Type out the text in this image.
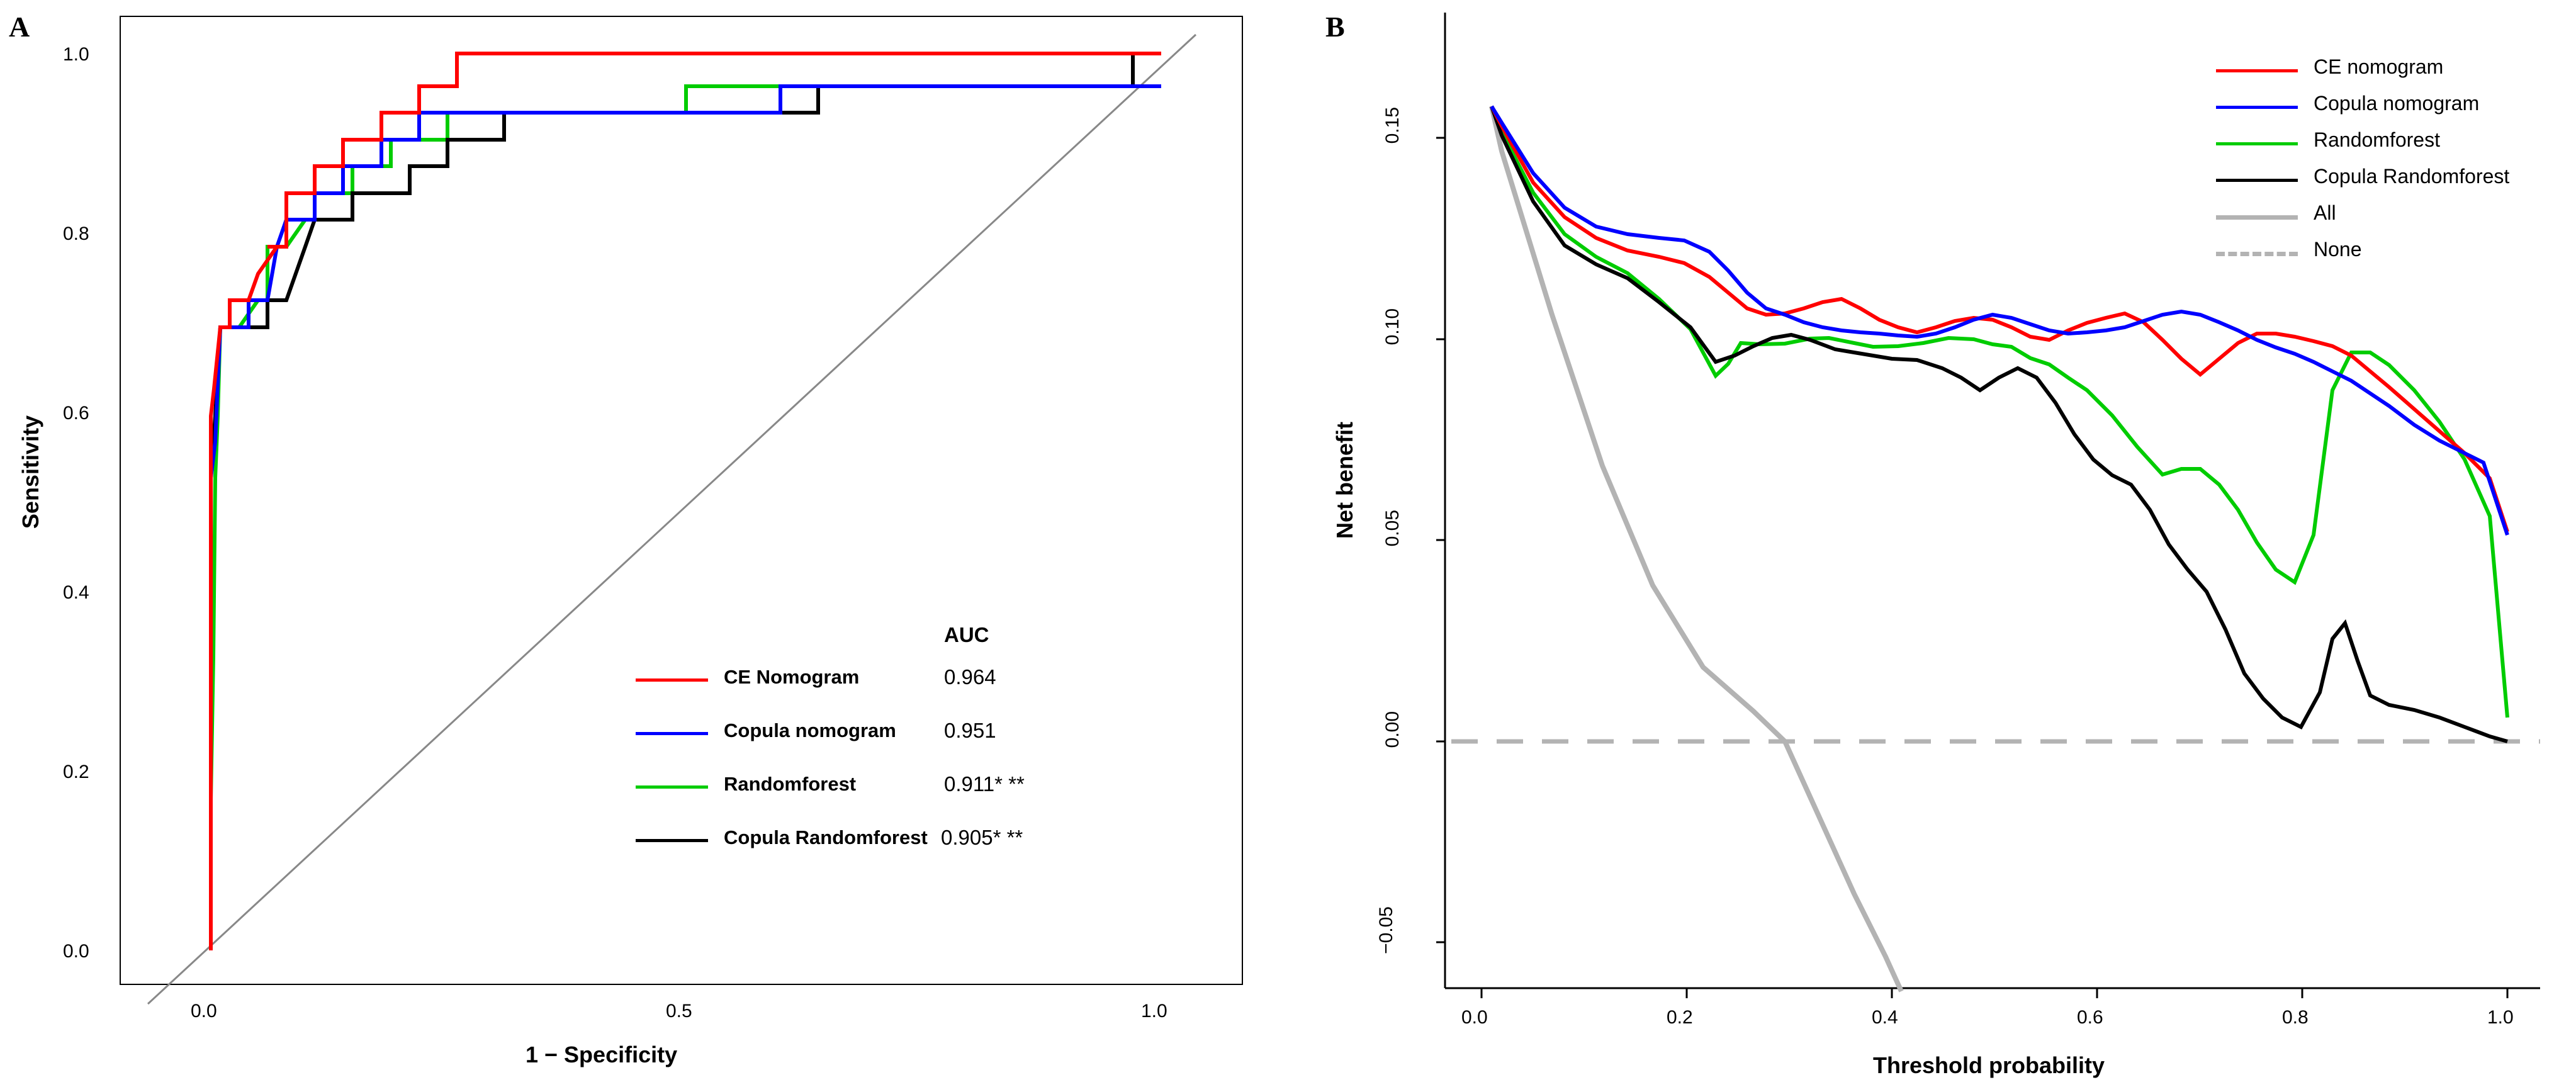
A
0.0
0.2
0.4
0.6
0.8
1.0
0.0	0.5	1.0
1 − Specificity
Sensitivity
AUC
CE Nomogram	0.964
Copula nomogram 0.951
Randomforest	0.911* **
Copula Randomforest 0.905* **
B
−0.05
0.00
0.05
0.10
0.15
0.0	0.2	0.4	0.6	0.8	1.0
Threshold probability
Net benefit
CE nomogram
Copula nomogram
Randomforest
Copula Randomforest
All
None
